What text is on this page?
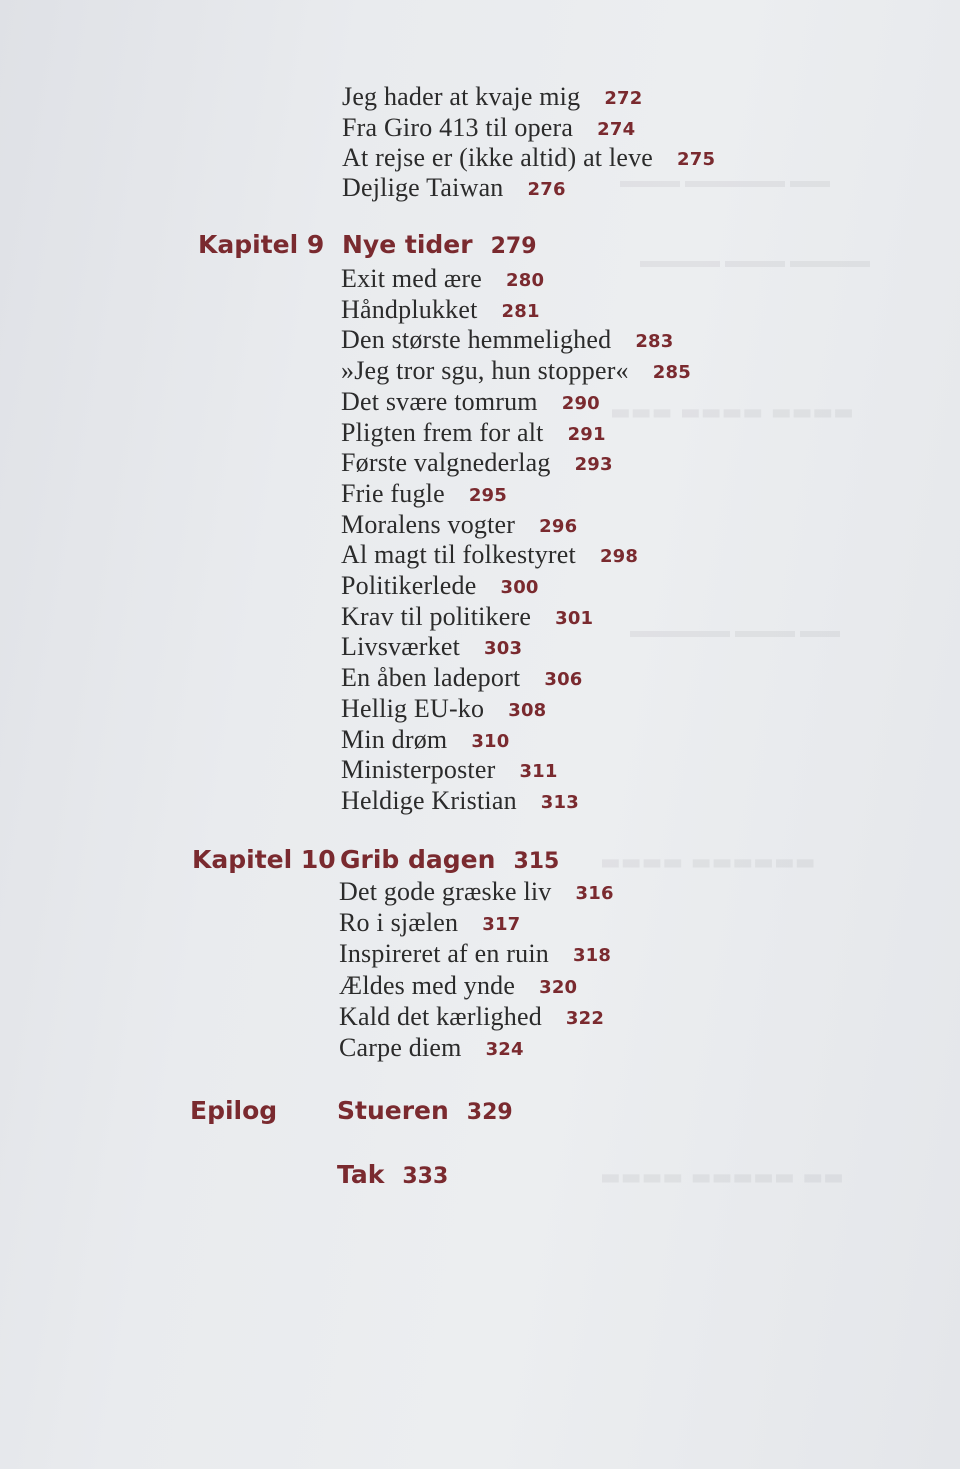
▬▬▬ ▬▬▬▬▬ ▬▬
▬▬▬▬ ▬▬▬ ▬▬▬▬
▬▬▬ ▬▬▬▬ ▬▬▬▬
▬▬▬▬▬ ▬▬▬ ▬▬
▬▬▬▬ ▬▬▬▬▬▬
▬▬▬▬ ▬▬▬▬▬ ▬▬
Jeg hader at kvaje mig 272
Fra Giro 413 til opera 274
At rejse er (ikke altid) at leve 275
Dejlige Taiwan 276
Kapitel 9 Nye tider 279
Exit med ære 280
Håndplukket 281
Den største hemmelighed 283
»Jeg tror sgu, hun stopper« 285
Det svære tomrum 290
Pligten frem for alt 291
Første valgnederlag 293
Frie fugle 295
Moralens vogter 296
Al magt til folkestyret 298
Politikerlede 300
Krav til politikere 301
Livsværket 303
En åben ladeport 306
Hellig EU-ko 308
Min drøm 310
Ministerposter 311
Heldige Kristian 313
Kapitel 10 Grib dagen 315
Det gode græske liv 316
Ro i sjælen 317
Inspireret af en ruin 318
Ældes med ynde 320
Kald det kærlighed 322
Carpe diem 324
Epilog Stueren 329
Tak 333
